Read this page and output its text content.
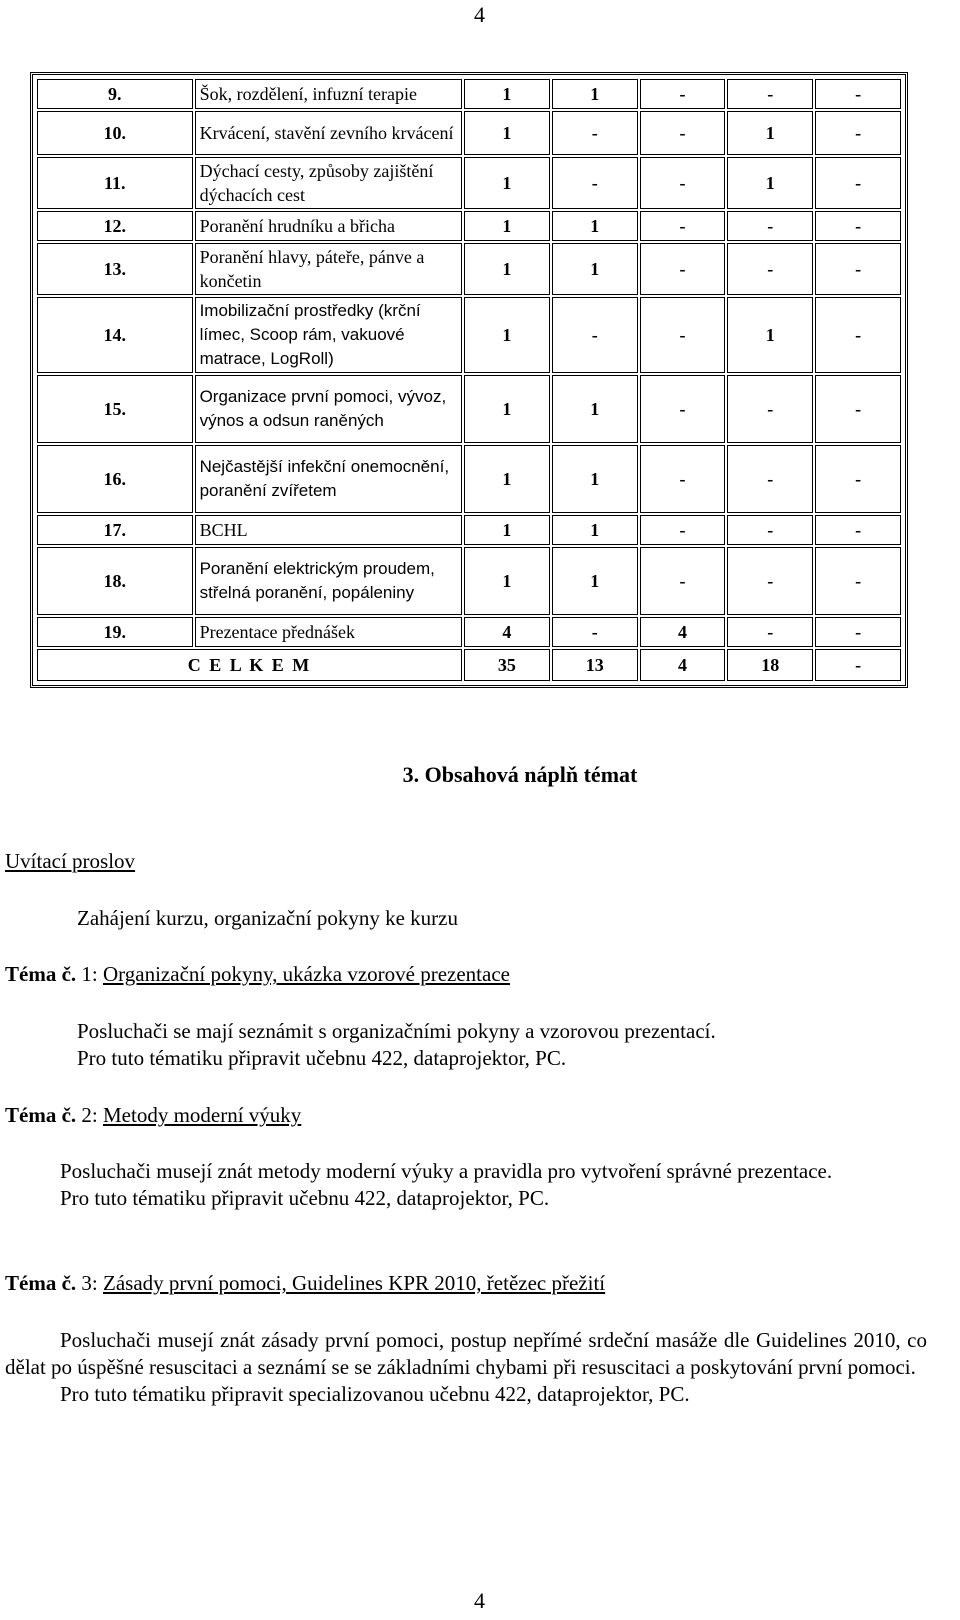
4
9.	Šok, rozdělení, infuzní terapie	1	1	-	-	-
10.	Krvácení, stavění zevního krvácení	1	-	-	1	-
11.	Dýchací cesty, způsoby zajištění dýchacích cest	1	-	-	1	-
12.	Poranění hrudníku a břicha	1	1	-	-	-
13.	Poranění hlavy, páteře, pánve a končetin	1	1	-	-	-
14.	Imobilizační prostředky (krční límec, Scoop rám, vakuové matrace, LogRoll)	1	-	-	1	-
15.	Organizace první pomoci, vývoz, výnos a odsun raněných	1	1	-	-	-
16.	Nejčastější infekční onemocnění, poranění zvířetem	1	1	-	-	-
17.	BCHL	1	1	-	-	-
18.	Poranění elektrickým proudem, střelná poranění, popáleniny	1	1	-	-	-
19.	Prezentace přednášek	4	-	4	-	-
C E L K E M		35	13	4	18	-
3. Obsahová náplň témat
Uvítací proslov
Zahájení kurzu, organizační pokyny ke kurzu
Téma č. 1: Organizační pokyny, ukázka vzorové prezentace
Posluchači se mají seznámit s organizačními pokyny a vzorovou prezentací.
Pro tuto tématiku připravit učebnu 422, dataprojektor, PC.
Téma č. 2: Metody moderní výuky
Posluchači musejí znát metody moderní výuky a pravidla pro vytvoření správné prezentace.
Pro tuto tématiku připravit učebnu 422, dataprojektor, PC.
Téma č. 3: Zásady první pomoci, Guidelines KPR 2010, řetězec přežití
Posluchači musejí znát zásady první pomoci, postup nepřímé srdeční masáže dle Guidelines 2010, co dělat po úspěšné resuscitaci a seznámí se se základními chybami při resuscitaci a poskytování první pomoci.
Pro tuto tématiku připravit specializovanou učebnu 422, dataprojektor, PC.
4
